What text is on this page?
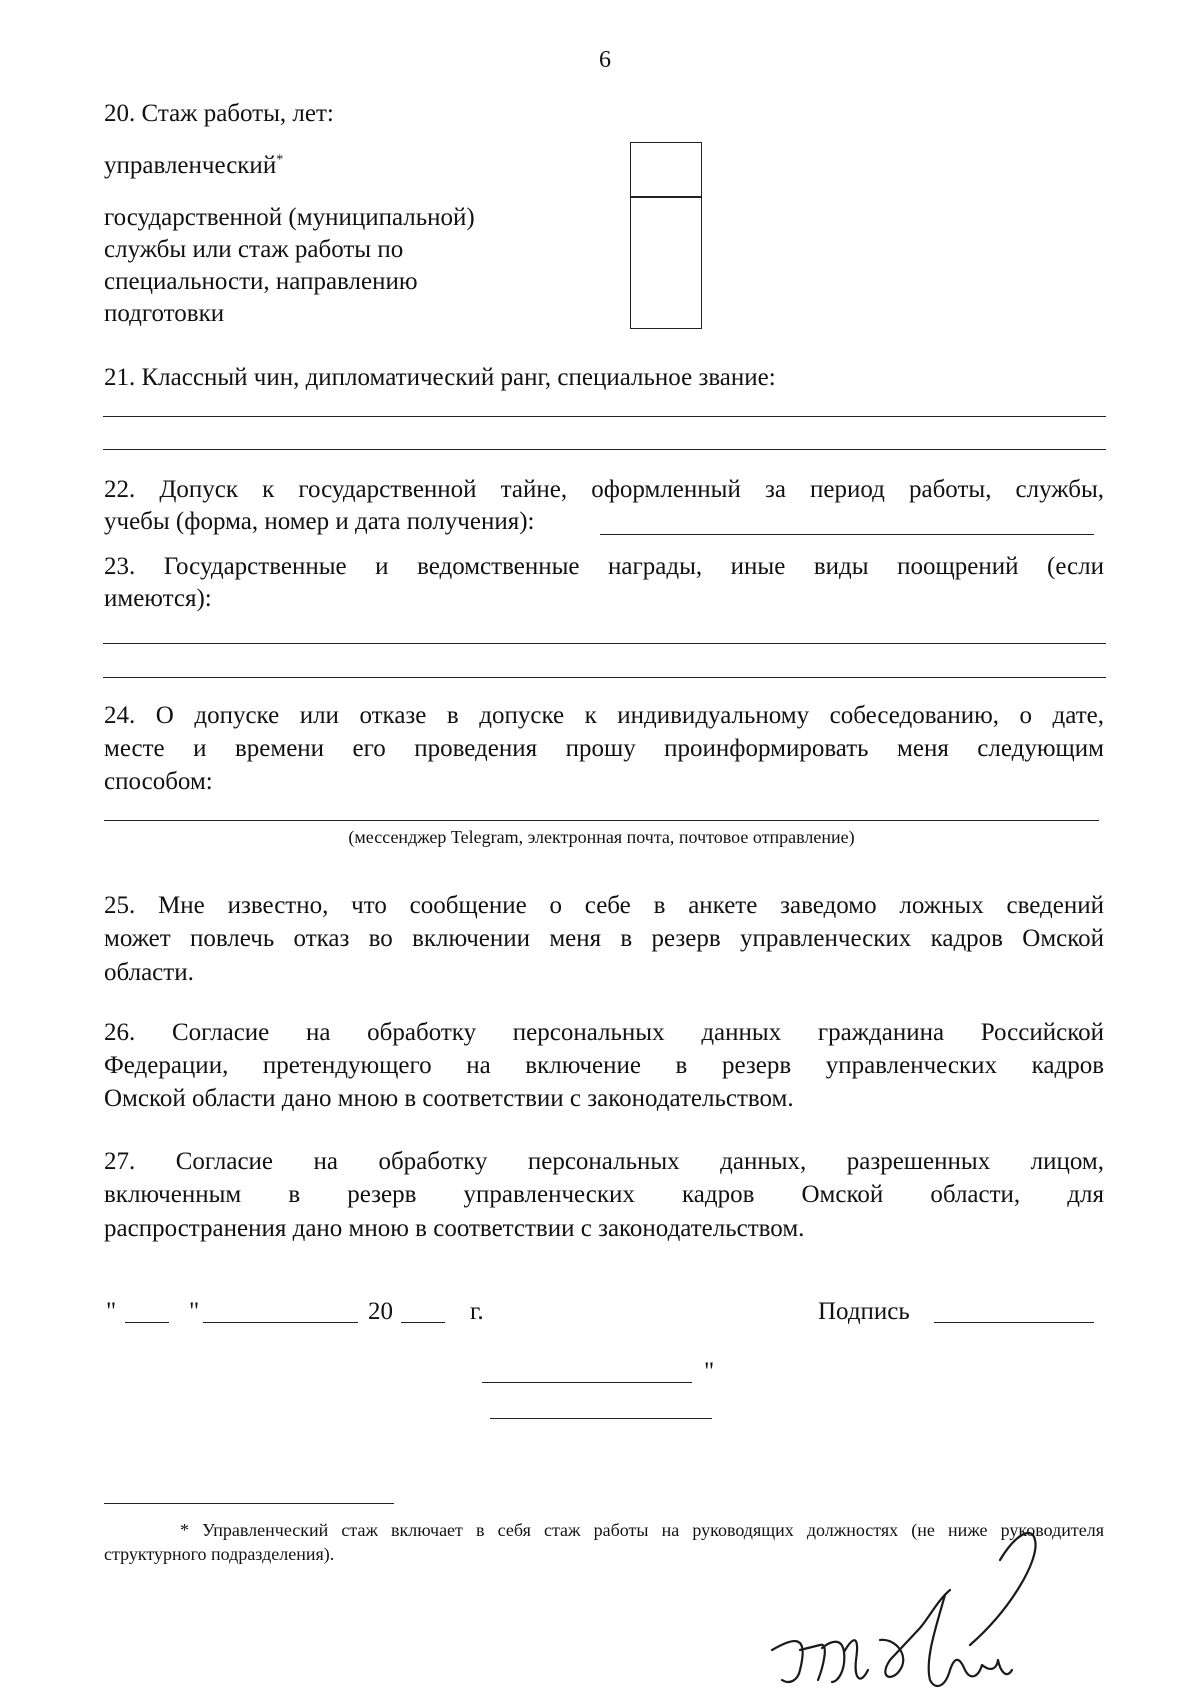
6
20. Стаж работы, лет:
управленческий*
государственной (муниципальной)
службы или стаж работы по
специальности, направлению
подготовки
21. Классный чин, дипломатический ранг, специальное звание:
22. Допуск к государственной тайне, оформленный за период работы, службы,
учебы (форма, номер и дата получения):
23. Государственные и ведомственные награды, иные виды поощрений (если
имеются):
24. О допуске или отказе в допуске к индивидуальному собеседованию, о дате,
месте и времени его проведения прошу проинформировать меня следующим
способом:
(мессенджер Telegram, электронная почта, почтовое отправление)
25. Мне известно, что сообщение о себе в анкете заведомо ложных сведений
может повлечь отказ во включении меня в резерв управленческих кадров Омской
области.
26. Согласие на обработку персональных данных гражданина Российской
Федерации, претендующего на включение в резерв управленческих кадров
Омской области дано мною в соответствии с законодательством.
27. Согласие на обработку персональных данных, разрешенных лицом,
включенным в резерв управленческих кадров Омской области, для
распространения дано мною в соответствии с законодательством.
"	"	20	г.	Подпись
"
* Управленческий стаж включает в себя стаж работы на руководящих должностях (не ниже руководителя
структурного подразделения).
